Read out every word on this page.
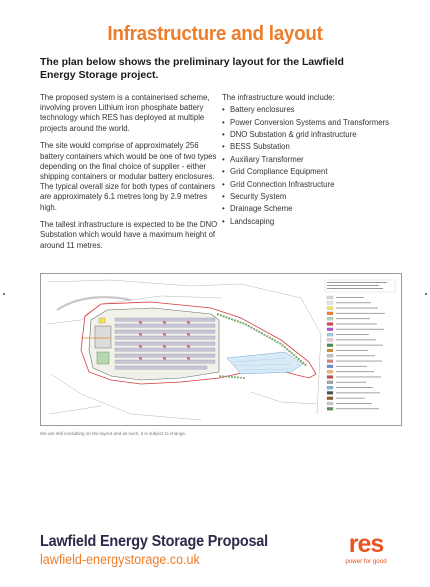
Infrastructure and layout
The plan below shows the preliminary layout for the Lawfield Energy Storage project.

The proposed system is a containerised scheme, involving proven Lithium iron phosphate battery technology which RES has deployed at multiple projects around the world.

The site would comprise of approximately 256 battery containers which would be one of two types depending on the final choice of supplier - either shipping containers or modular battery enclosures. The typical overall size for both types of containers are approximately 6.1 metres long by 2.9 metres high.

The tallest infrastructure is expected to be the DNO Substation which would have a maximum height of around 11 metres.

The infrastructure would include:

• Battery enclosures
• Power Conversion Systems and Transformers
• DNO Substation & grid infrastructure
• BESS Substation
• Auxiliary Transformer
• Grid Compliance Equipment
• Grid Connection Infrastructure
• Security System
• Drainage Scheme
• Landscaping
We are still consulting on the layout and as such, it is subject to change.
Lawfield Energy Storage Proposal
lawfield-energystorage.co.uk
res
power for good
